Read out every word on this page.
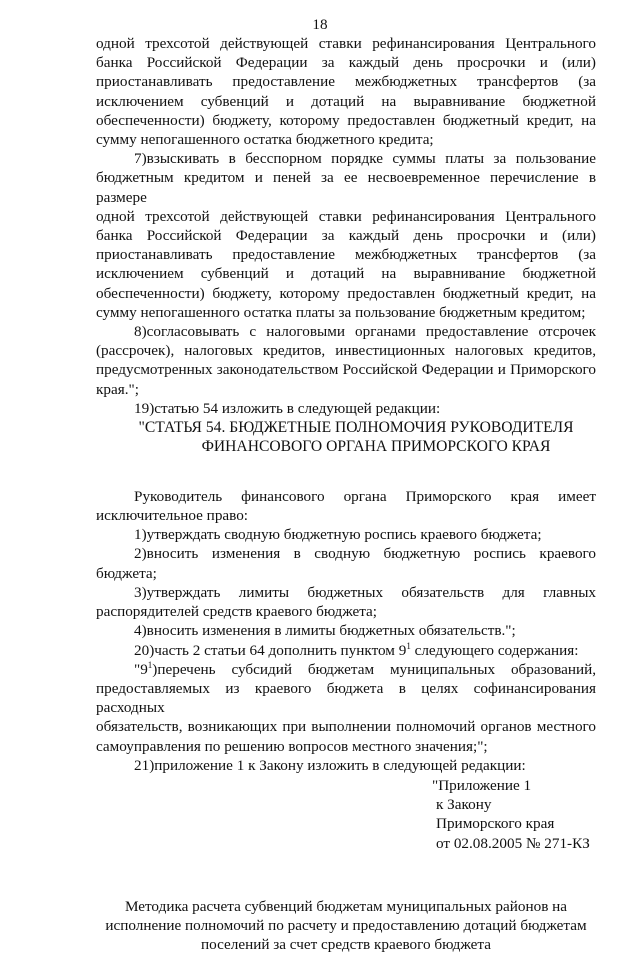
18

одной трехсотой действующей ставки рефинансирования Центрального

банка Российской Федерации за каждый день просрочки и (или)

приостанавливать предоставление межбюджетных трансфертов (за

исключением субвенций и дотаций на выравнивание бюджетной

обеспеченности) бюджету, которому предоставлен бюджетный кредит, на

сумму непогашенного остатка бюджетного кредита;

7)взыскивать в бесспорном порядке суммы платы за пользование

бюджетным кредитом и пеней за ее несвоевременное перечисление в размере

одной трехсотой действующей ставки рефинансирования Центрального

банка Российской Федерации за каждый день просрочки и (или)

приостанавливать предоставление межбюджетных трансфертов (за

исключением субвенций и дотаций на выравнивание бюджетной

обеспеченности) бюджету, которому предоставлен бюджетный кредит, на

сумму непогашенного остатка платы за пользование бюджетным кредитом;

8)согласовывать с налоговыми органами предоставление отсрочек

(рассрочек), налоговых кредитов, инвестиционных налоговых кредитов,

предусмотренных законодательством Российской Федерации и Приморского

края.";

19)статью 54 изложить в следующей редакции:

"СТАТЬЯ 54. БЮДЖЕТНЫЕ ПОЛНОМОЧИЯ РУКОВОДИТЕЛЯ
ФИНАНСОВОГО ОРГАНА ПРИМОРСКОГО КРАЯ

Руководитель финансового органа Приморского края имеет

исключительное право:

1)утверждать сводную бюджетную роспись краевого бюджета;

2)вносить изменения в сводную бюджетную роспись краевого

бюджета;

3)утверждать лимиты бюджетных обязательств для главных

распорядителей средств краевого бюджета;

4)вносить изменения в лимиты бюджетных обязательств.";

20)часть 2 статьи 64 дополнить пунктом $9^1$ следующего содержания:

"$9^1)перечень$ субсидий бюджетам муниципальных образований,

предоставляемых из краевого бюджета в целях софинансирования расходных

обязательств, возникающих при выполнении полномочий органов местного

самоуправления по решению вопросов местного значения;";

21)приложение 1 к Закону изложить в следующей редакции:

"Приложение 1
к Закону
Приморского края
от 02.08.2005 № 271-КЗ
Методика расчета субвенций бюджетам муниципальных районов на
исполнение полномочий по расчету и предоставлению дотаций бюджетам
поселений за счет средств краевого бюджета
